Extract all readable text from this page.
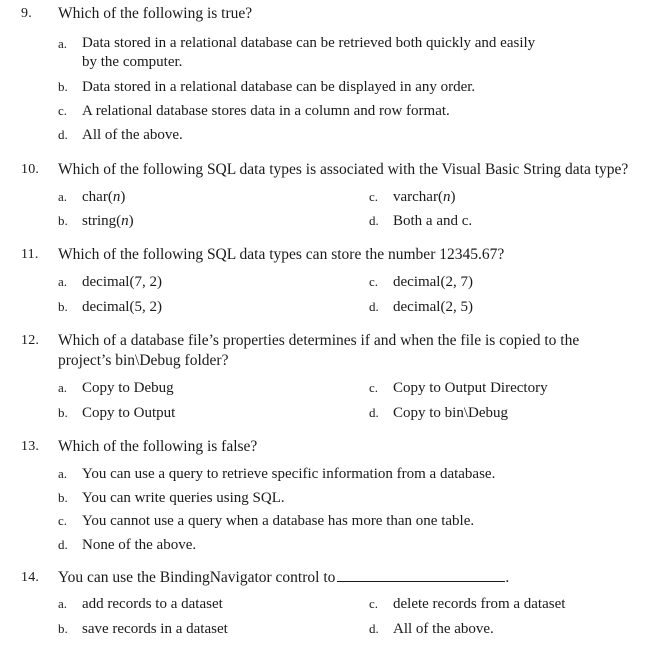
9. Which of the following is true?
a. Data stored in a relational database can be retrieved both quickly and easily
by the computer.
b. Data stored in a relational database can be displayed in any order.
c. A relational database stores data in a column and row format.
d. All of the above.
10. Which of the following SQL data types is associated with the Visual Basic String data type?
a. char(n)	c. varchar(n)
b. string(n)	d. Both a and c.
11. Which of the following SQL data types can store the number 12345.67?
a. decimal(7, 2)	c. decimal(2, 7)
b. decimal(5, 2)	d. decimal(2, 5)
12. Which of a database file’s properties determines if and when the file is copied to the
project’s bin\Debug folder?
a. Copy to Debug	c. Copy to Output Directory
b. Copy to Output	d. Copy to bin\Debug
13. Which of the following is false?
a. You can use a query to retrieve specific information from a database.
b. You can write queries using SQL.
c. You cannot use a query when a database has more than one table.
d. None of the above.
14. You can use the BindingNavigator control to	.
a. add records to a dataset	c. delete records from a dataset
b. save records in a dataset	d. All of the above.
